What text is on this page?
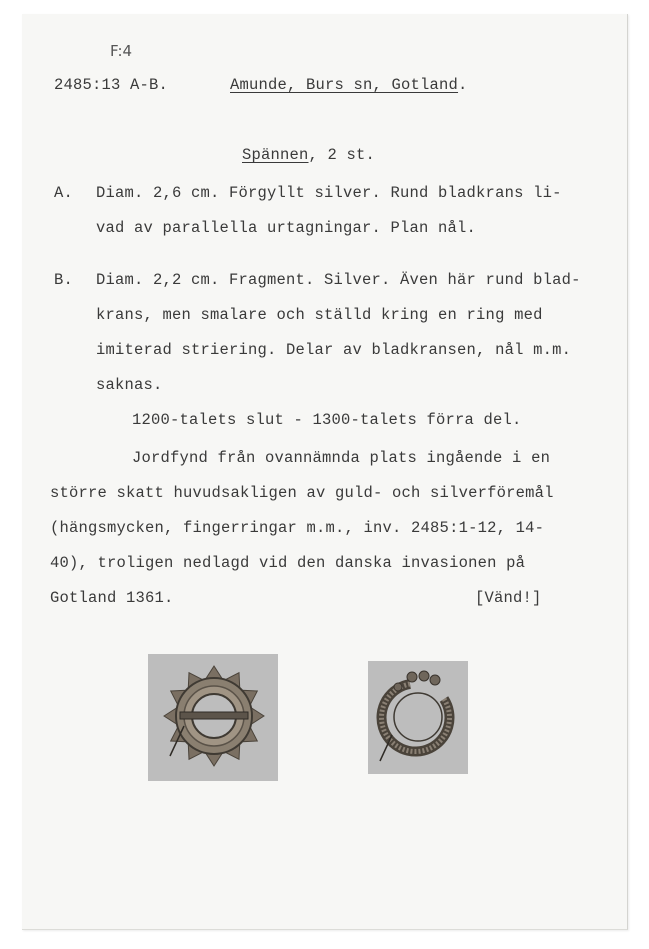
F:4
2485:13 A-B.	Amunde, Burs sn, Gotland.
Spännen, 2 st.
A. Diam. 2,6 cm. Förgyllt silver. Rund bladkrans li-
vad av parallella urtagningar. Plan nål.
B. Diam. 2,2 cm. Fragment. Silver. Även här rund blad-
krans, men smalare och ställd kring en ring med
imiterad striering. Delar av bladkransen, nål m.m.
saknas.
1200-talets slut - 1300-talets förra del.
Jordfynd från ovannämnda plats ingående i en
större skatt huvudsakligen av guld- och silverföremål
(hängsmycken, fingerringar m.m., inv. 2485:1-12, 14-
40), troligen nedlagd vid den danska invasionen på
Gotland 1361.	[Vänd!]
